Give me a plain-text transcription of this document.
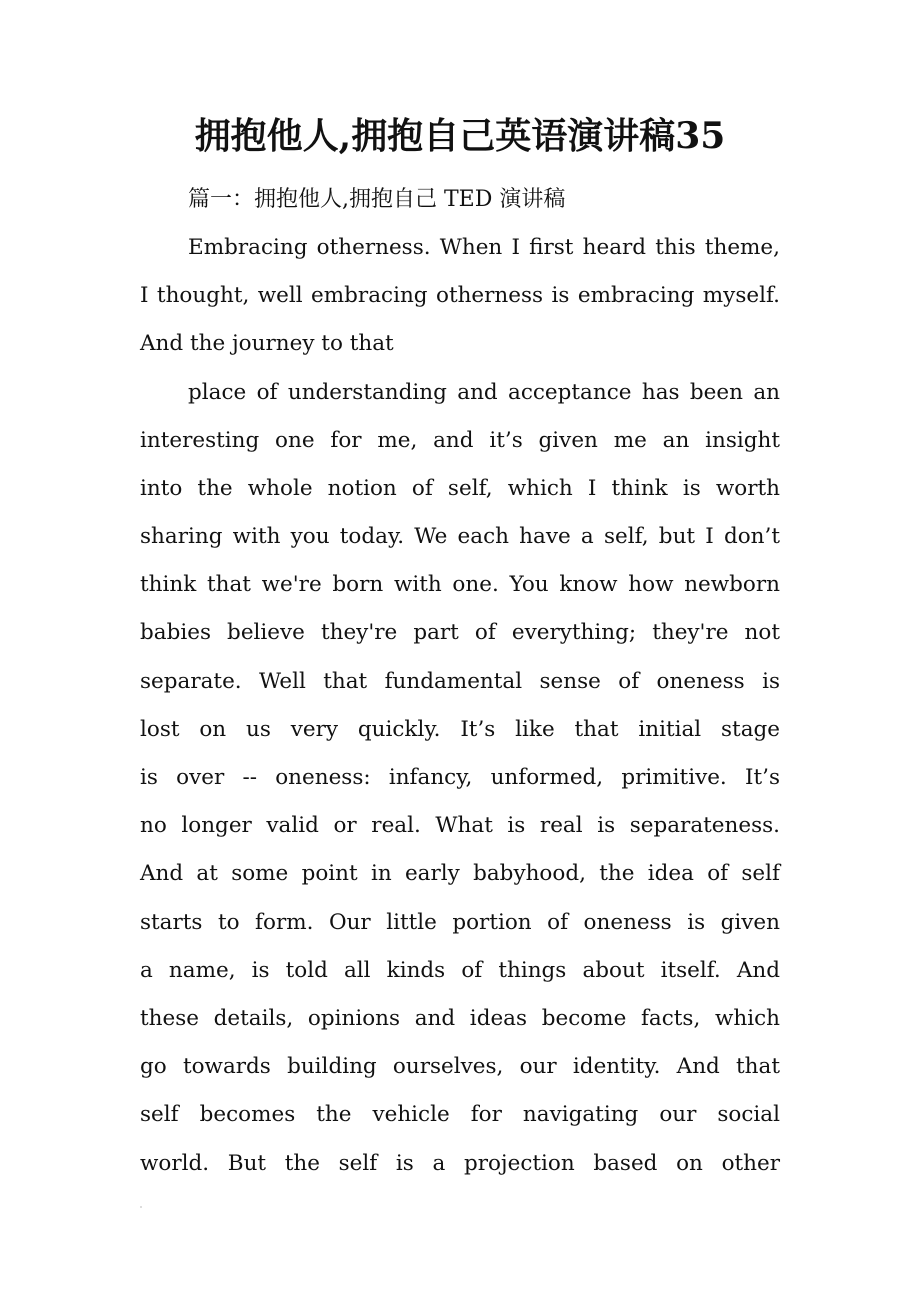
拥抱他人,拥抱自己英语演讲稿35
篇一：拥抱他人,拥抱自己 TED 演讲稿
Embracing otherness. When I first heard this theme,
I thought, well embracing otherness is embracing myself.
And the journey to that
place of understanding and acceptance has been an
interesting one for me, and it’s given me an insight
into the whole notion of self, which I think is worth
sharing with you today. We each have a self, but I don’t
think that we're born with one. You know how newborn
babies believe they're part of everything; they're not
separate. Well that fundamental sense of oneness is
lost on us very quickly. It’s like that initial stage
is over -- oneness: infancy, unformed, primitive. It’s
no longer valid or real. What is real is separateness.
And at some point in early babyhood, the idea of self
starts to form. Our little portion of oneness is given
a name, is told all kinds of things about itself. And
these details, opinions and ideas become facts, which
go towards building ourselves, our identity. And that
self becomes the vehicle for navigating our social
world. But the self is a projection based on other
